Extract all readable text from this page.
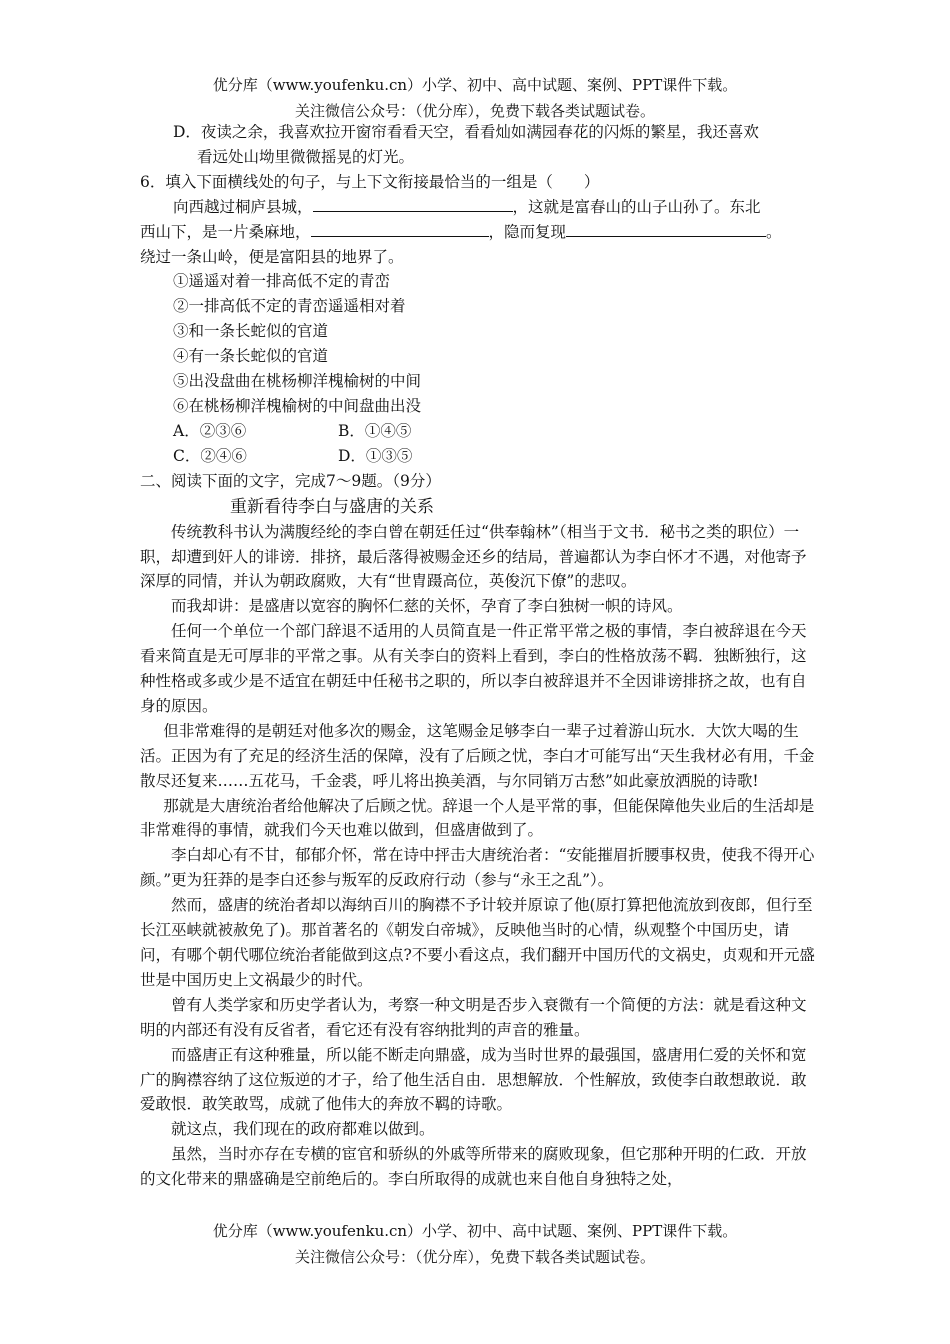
优分库（www.youfenku.cn）小学、初中、高中试题、案例、PPT课件下载。
关注微信公众号：（优分库），免费下载各类试题试卷。

D．夜读之余，我喜欢拉开窗帘看看天空，看看灿如满园春花的闪烁的繁星，我还喜欢

看远处山坳里微微摇晃的灯光。

6．填入下面横线处的句子，与上下文衔接最恰当的一组是（　　）

向西越过桐庐县城，	，这就是富春山的山子山孙了。东北

西山下，是一片桑麻地，	，隐而复现	。

绕过一条山岭，便是富阳县的地界了。

①遥遥对着一排高低不定的青峦

②一排高低不定的青峦遥遥相对着

③和一条长蛇似的官道

④有一条长蛇似的官道

⑤出没盘曲在桃杨柳洋槐榆树的中间

⑥在桃杨柳洋槐榆树的中间盘曲出没

A．②③⑥	B．①④⑤

C．②④⑥	D．①③⑤

二、阅读下面的文字，完成7～9题。（9分）

重新看待李白与盛唐的关系

传统教科书认为满腹经纶的李白曾在朝廷任过“供奉翰林”（相当于文书．秘书之类的职位）一职，却遭到奸人的诽谤．排挤，最后落得被赐金还乡的结局，普遍都认为李白怀才不遇，对他寄予深厚的同情，并认为朝政腐败，大有“世胄蹑高位，英俊沉下僚”的悲叹。

而我却讲：是盛唐以宽容的胸怀仁慈的关怀，孕育了李白独树一帜的诗风。

任何一个单位一个部门辞退不适用的人员简直是一件正常平常之极的事情，李白被辞退在今天看来简直是无可厚非的平常之事。从有关李白的资料上看到，李白的性格放荡不羁．独断独行，这种性格或多或少是不适宜在朝廷中任秘书之职的，所以李白被辞退并不全因诽谤排挤之故，也有自身的原因。

但非常难得的是朝廷对他多次的赐金，这笔赐金足够李白一辈子过着游山玩水．大饮大喝的生活。正因为有了充足的经济生活的保障，没有了后顾之忧，李白才可能写出“天生我材必有用，千金散尽还复来……五花马，千金裘，呼儿将出换美酒，与尔同销万古愁”如此豪放洒脱的诗歌!

那就是大唐统治者给他解决了后顾之忧。辞退一个人是平常的事，但能保障他失业后的生活却是非常难得的事情，就我们今天也难以做到，但盛唐做到了。

李白却心有不甘，郁郁介怀，常在诗中抨击大唐统治者：“安能摧眉折腰事权贵，使我不得开心颜。”更为狂莽的是李白还参与叛军的反政府行动（参与“永王之乱”）。

然而，盛唐的统治者却以海纳百川的胸襟不予计较并原谅了他(原打算把他流放到夜郎，但行至长江巫峡就被赦免了)。那首著名的《朝发白帝城》，反映他当时的心情，纵观整个中国历史，请问，有哪个朝代哪位统治者能做到这点?不要小看这点，我们翻开中国历代的文祸史，贞观和开元盛世是中国历史上文祸最少的时代。

曾有人类学家和历史学者认为，考察一种文明是否步入衰微有一个简便的方法：就是看这种文明的内部还有没有反省者，看它还有没有容纳批判的声音的雅量。

而盛唐正有这种雅量，所以能不断走向鼎盛，成为当时世界的最强国，盛唐用仁爱的关怀和宽广的胸襟容纳了这位叛逆的才子，给了他生活自由．思想解放．个性解放，致使李白敢想敢说．敢爱敢恨．敢笑敢骂，成就了他伟大的奔放不羁的诗歌。

就这点，我们现在的政府都难以做到。

虽然，当时亦存在专横的宦官和骄纵的外戚等所带来的腐败现象，但它那种开明的仁政．开放的文化带来的鼎盛确是空前绝后的。李白所取得的成就也来自他自身独特之处，

优分库（www.youfenku.cn）小学、初中、高中试题、案例、PPT课件下载。
关注微信公众号：（优分库），免费下载各类试题试卷。
